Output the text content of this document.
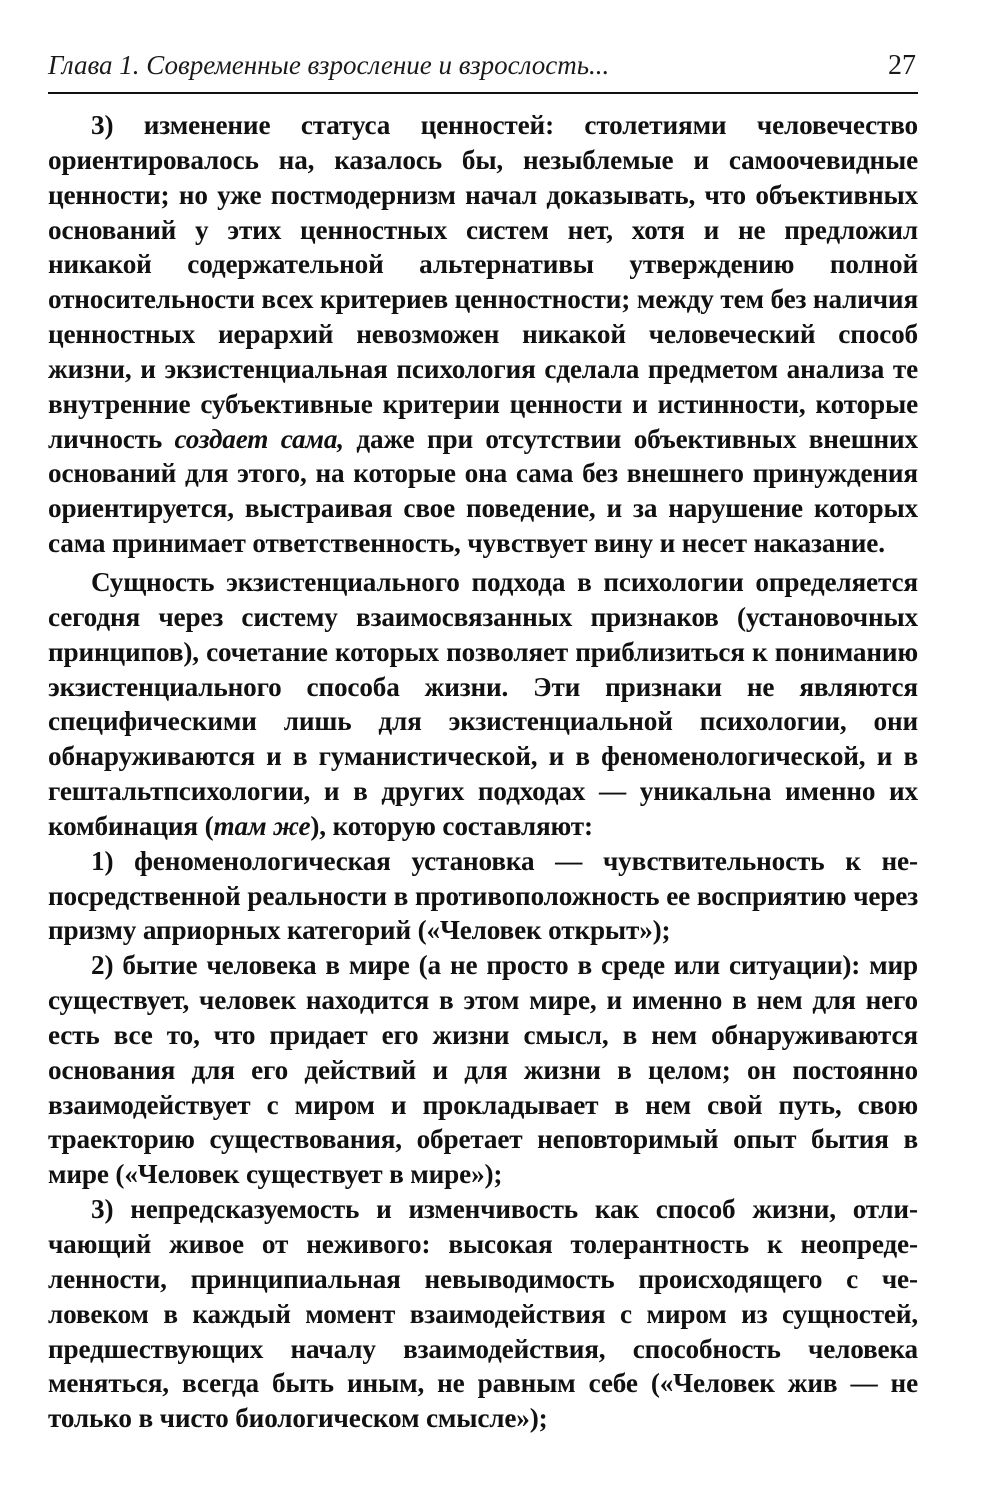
Глава 1. Современные взросление и взрослость...	27

3) изменение статуса ценностей: столетиями человечество ориентировалось на, казалось бы, незыблемые и самоочевидные ценности; но уже постмодернизм начал доказывать, что объективных оснований у этих ценностных систем нет, хотя и не предложил никакой содержательной альтернативы утверждению полной относительности всех критериев ценностности; между тем без наличия ценностных иерархий невозможен никакой человеческий способ жизни, и экзистенциальная психология сделала предметом анализа те внутренние субъективные критерии ценности и истинности, которые личность создает сама, даже при отсутствии объективных внешних оснований для этого, на которые она сама без внешнего принуждения ориентируется, выстраивая свое поведение, и за нарушение которых сама принимает ответственность, чувствует вину и несет наказание.

Сущность экзистенциального подхода в психологии определяется сегодня через систему взаимосвязанных признаков (установочных принципов), сочетание которых позволяет приблизиться к пониманию экзистенциального способа жизни. Эти признаки не являются специфическими лишь для экзистенциальной психологии, они обнаруживаются и в гуманистической, и в феноменологической, и в гештальтпсихологии, и в других подходах — уникальна именно их комбинация (там же), которую составляют:

1) феноменологическая установка — чувствительность к непосредственной реальности в противоположность ее восприятию через призму априорных категорий («Человек открыт»);

2) бытие человека в мире (а не просто в среде или ситуации): мир существует, человек находится в этом мире, и именно в нем для него есть все то, что придает его жизни смысл, в нем обнаруживаются основания для его действий и для жизни в целом; он постоянно взаимодействует с миром и прокладывает в нем свой путь, свою траекторию существования, обретает неповторимый опыт бытия в мире («Человек существует в мире»);

3) непредсказуемость и изменчивость как способ жизни, отличающий живое от неживого: высокая толерантность к неопределенности, принципиальная невыводимость происходящего с человеком в каждый момент взаимодействия с миром из сущностей, предшествующих началу взаимодействия, способность человека меняться, всегда быть иным, не равным себе («Человек жив — не только в чисто биологическом смысле»);
